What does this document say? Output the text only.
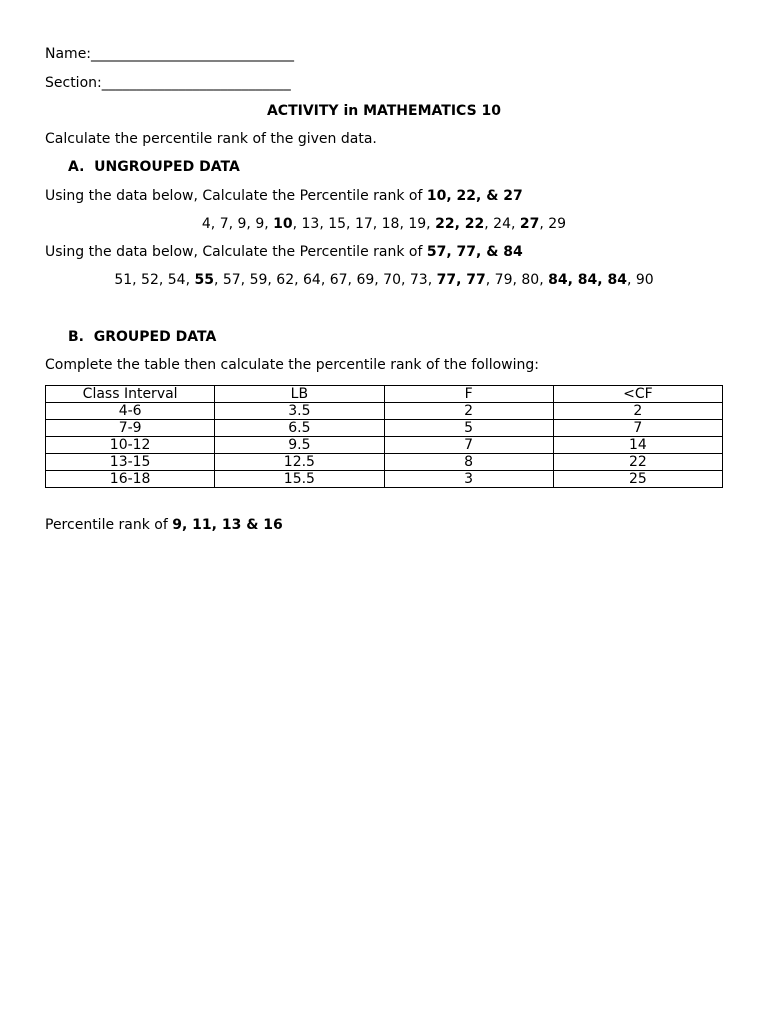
Name:_____________________________
Section:___________________________
ACTIVITY in MATHEMATICS 10
Calculate the percentile rank of the given data.
A. UNGROUPED DATA
Using the data below, Calculate the Percentile rank of 10, 22, & 27
4, 7, 9, 9, 10, 13, 15, 17, 18, 19, 22, 22, 24, 27, 29
Using the data below, Calculate the Percentile rank of 57, 77, & 84
51, 52, 54, 55, 57, 59, 62, 64, 67, 69, 70, 73, 77, 77, 79, 80, 84, 84, 84, 90
B. GROUPED DATA
Complete the table then calculate the percentile rank of the following:
Class Interval	LB	F	<CF
4-6	3.5	2	2
7-9	6.5	5	7
10-12	9.5	7	14
13-15	12.5	8	22
16-18	15.5	3	25
Percentile rank of 9, 11, 13 & 16
